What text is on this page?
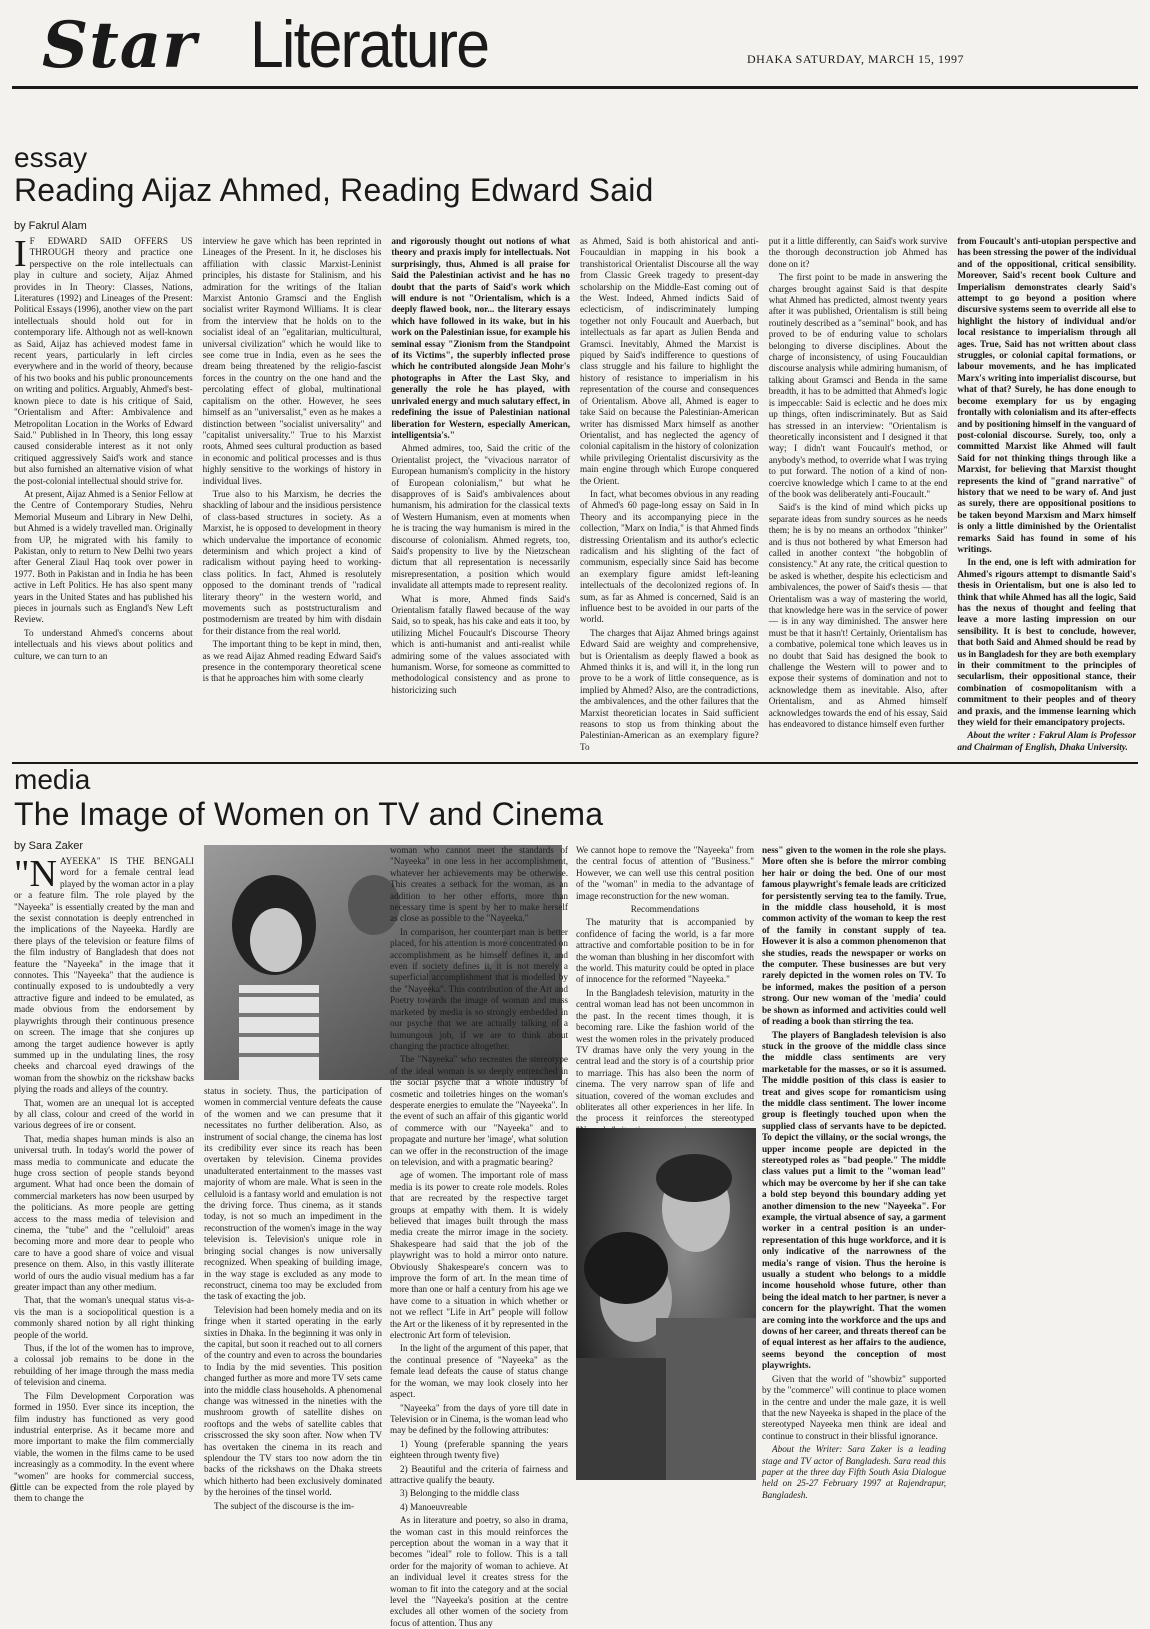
Star Literature	DHAKA SATURDAY, MARCH 15, 1997
essay
Reading Aijaz Ahmed, Reading Edward Said
by Fakrul Alam

I F EDWARD SAID OFFERS US THROUGH theory and practice one perspective on the role intellectuals can play in culture and society, Aijaz Ahmed provides in In Theory: Classes, Nations, Literatures (1992) and Lineages of the Present: Political Essays (1996), another view on the part intellectuals should hold out for in contemporary life. Although not as well-known as Said, Aijaz has achieved modest fame in recent years, particularly in left circles everywhere and in the world of theory, because of his two books and his public pronouncements on writing and politics. Arguably, Ahmed's best-known piece to date is his critique of Said, "Orientalism and After: Ambivalence and Metropolitan Location in the Works of Edward Said." Published in In Theory, this long essay caused considerable interest as it not only critiqued aggressively Said's work and stance but also furnished an alternative vision of what the post-colonial intellectual should strive for.

At present, Aijaz Ahmed is a Senior Fellow at the Centre of Contemporary Studies, Nehru Memorial Museum and Library in New Delhi, but Ahmed is a widely travelled man. Originally from UP, he migrated with his family to Pakistan, only to return to New Delhi two years after General Ziaul Haq took over power in 1977. Both in Pakistan and in India he has been active in Left Politics. He has also spent many years in the United States and has published his pieces in journals such as England's New Left Review.

To understand Ahmed's concerns about intellectuals and his views about politics and culture, we can turn to an

interview he gave which has been reprinted in Lineages of the Present. In it, he discloses his affiliation with classic Marxist-Leninist principles, his distaste for Stalinism, and his admiration for the writings of the Italian Marxist Antonio Gramsci and the English socialist writer Raymond Williams. It is clear from the interview that he holds on to the socialist ideal of an "egalitarian, multicultural, universal civilization" which he would like to see come true in India, even as he sees the dream being threatened by the religio-fascist forces in the country on the one hand and the percolating effect of global, multinational capitalism on the other. However, he sees himself as an "universalist," even as he makes a distinction between "socialist universality" and "capitalist universality." True to his Marxist roots, Ahmed sees cultural production as based in economic and political processes and is thus highly sensitive to the workings of history in individual lives.

True also to his Marxism, he decries the shackling of labour and the insidious persistence of class-based structures in society. As a Marxist, he is opposed to development in theory which undervalue the importance of economic determinism and which project a kind of radicalism without paying heed to working-class politics. In fact, Ahmed is resolutely opposed to the dominant trends of "radical literary theory" in the western world, and movements such as poststructuralism and postmodernism are treated by him with disdain for their distance from the real world.

The important thing to be kept in mind, then, as we read Aijaz Ahmed reading Edward Said's presence in the contemporary theoretical scene is that he approaches him with some clearly

and rigorously thought out notions of what theory and praxis imply for intellectuals. Not surprisingly, thus, Ahmed is all praise for Said the Palestinian activist and he has no doubt that the parts of Said's work which will endure is not "Orientalism, which is a deeply flawed book, nor... the literary essays which have followed in its wake, but in his work on the Palestinian issue, for example his seminal essay "Zionism from the Standpoint of its Victims", the superbly inflected prose which he contributed alongside Jean Mohr's photographs in After the Last Sky, and generally the role he has played, with unrivaled energy and much salutary effect, in redefining the issue of Palestinian national liberation for Western, especially American, intelligentsia's."

Ahmed admires, too, Said the critic of the Orientalist project, the "vivacious narrator of European humanism's complicity in the history of European colonialism," but what he disapproves of is Said's ambivalences about humanism, his admiration for the classical texts of Western Humanism, even at moments when he is tracing the way humanism is mired in the discourse of colonialism. Ahmed regrets, too, Said's propensity to live by the Nietzschean dictum that all representation is necessarily misrepresentation, a position which would invalidate all attempts made to represent reality.

What is more, Ahmed finds Said's Orientalism fatally flawed because of the way Said, so to speak, has his cake and eats it too, by utilizing Michel Foucault's Discourse Theory which is anti-humanist and anti-realist while admiring some of the values associated with humanism. Worse, for someone as committed to methodological consistency and as prone to historicizing such

as Ahmed, Said is both ahistorical and anti-Foucauldian in mapping in his book a transhistorical Orientalist Discourse all the way from Classic Greek tragedy to present-day scholarship on the Middle-East coming out of the West. Indeed, Ahmed indicts Said of eclecticism, of indiscriminately lumping together not only Foucault and Auerbach, but intellectuals as far apart as Julien Benda and Gramsci. Inevitably, Ahmed the Marxist is piqued by Said's indifference to questions of class struggle and his failure to highlight the history of resistance to imperialism in his representation of the course and consequences of Orientalism. Above all, Ahmed is eager to take Said on because the Palestinian-American writer has dismissed Marx himself as another Orientalist, and has neglected the agency of colonial capitalism in the history of colonization while privileging Orientalist discursivity as the main engine through which Europe conquered the Orient.

In fact, what becomes obvious in any reading of Ahmed's 60 page-long essay on Said in In Theory and its accompanying piece in the collection, "Marx on India," is that Ahmed finds distressing Orientalism and its author's eclectic radicalism and his slighting of the fact of communism, especially since Said has become an exemplary figure amidst left-leaning intellectuals of the decolonized regions of. In sum, as far as Ahmed is concerned, Said is an influence best to be avoided in our parts of the world.

The charges that Aijaz Ahmed brings against Edward Said are weighty and comprehensive, but is Orientalism as deeply flawed a book as Ahmed thinks it is, and will it, in the long run prove to be a work of little consequence, as is implied by Ahmed? Also, are the contradictions, the ambivalences, and the other failures that the Marxist theoretician locates in Said sufficient reasons to stop us from thinking about the Palestinian-American as an exemplary figure? To

put it a little differently, can Said's work survive the thorough deconstruction job Ahmed has done on it?

The first point to be made in answering the charges brought against Said is that despite what Ahmed has predicted, almost twenty years after it was published, Orientalism is still being routinely described as a "seminal" book, and has proved to be of enduring value to scholars belonging to diverse disciplines. About the charge of inconsistency, of using Foucauldian discourse analysis while admiring humanism, of talking about Gramsci and Benda in the same breadth, it has to be admitted that Ahmed's logic is impeccable: Said is eclectic and he does mix up things, often indiscriminately. But as Said has stressed in an interview: "Orientalism is theoretically inconsistent and I designed it that way; I didn't want Foucault's method, or anybody's method, to override what I was trying to put forward. The notion of a kind of non-coercive knowledge which I came to at the end of the book was deliberately anti-Foucault."

Said's is the kind of mind which picks up separate ideas from sundry sources as he needs them; he is by no means an orthodox "thinker" and is thus not bothered by what Emerson had called in another context "the hobgoblin of consistency." At any rate, the critical question to be asked is whether, despite his eclecticism and ambivalences, the power of Said's thesis — that Orientalism was a way of mastering the world, that knowledge here was in the service of power — is in any way diminished. The answer here must be that it hasn't! Certainly, Orientalism has a combative, polemical tone which leaves us in no doubt that Said has designed the book to challenge the Western will to power and to expose their systems of domination and not to acknowledge them as inevitable. Also, after Orientalism, and as Ahmed himself acknowledges towards the end of his essay, Said has endeavored to distance himself even further

from Foucault's anti-utopian perspective and has been stressing the power of the individual and of the oppositional, critical sensibility. Moreover, Said's recent book Culture and Imperialism demonstrates clearly Said's attempt to go beyond a position where discursive systems seem to override all else to highlight the history of individual and/or local resistance to imperialism through all ages. True, Said has not written about class struggles, or colonial capital formations, or labour movements, and he has implicated Marx's writing into imperialist discourse, but what of that? Surely, he has done enough to become exemplary for us by engaging frontally with colonialism and its after-effects and by positioning himself in the vanguard of post-colonial discourse. Surely, too, only a committed Marxist like Ahmed will fault Said for not thinking things through like a Marxist, for believing that Marxist thought represents the kind of "grand narrative" of history that we need to be wary of. And just as surely, there are oppositional positions to be taken beyond Marxism and Marx himself is only a little diminished by the Orientalist remarks Said has found in some of his writings.

In the end, one is left with admiration for Ahmed's rigours attempt to dismantle Said's thesis in Orientalism, but one is also led to think that while Ahmed has all the logic, Said has the nexus of thought and feeling that leave a more lasting impression on our sensibility. It is best to conclude, however, that both Said and Ahmed should be read by us in Bangladesh for they are both exemplary in their commitment to the principles of secularlism, their oppositional stance, their combination of cosmopolitanism with a commitment to their peoples and of theory and praxis, and the immense learning which they wield for their emancipatory projects.

About the writer : Fakrul Alam is Professor and Chairman of English, Dhaka University.

media
The Image of Women on TV and Cinema
by Sara Zaker

"NAYEEKA" IS THE BENGALI word for a female central lead played by the woman actor in a play or a feature film. The role played by the "Nayeeka" is essentially created by the man and the sexist connotation is deeply entrenched in the implications of the Nayeeka. Hardly are there plays of the television or feature films of the film industry of Bangladesh that does not feature the "Nayeeka" in the image that it connotes. This "Nayeeka" that the audience is continually exposed to is undoubtedly a very attractive figure and indeed to be emulated, as made obvious from the endorsement by playwrights through their continuous presence on screen. The image that she conjures up among the target audience however is aptly summed up in the undulating lines, the rosy cheeks and charcoal eyed drawings of the woman from the showbiz on the rickshaw backs plying the roads and alleys of the country.

That, women are an unequal lot is accepted by all class, colour and creed of the world in various degrees of ire or consent.

That, media shapes human minds is also an universal truth. In today's world the power of mass media to communicate and educate the huge cross section of people stands beyond argument. What had once been the domain of commercial marketers has now been usurped by the politicians. As more people are getting access to the mass media of television and cinema, the "tube" and the "celluloid" areas becoming more and more dear to people who care to have a good share of voice and visual presence on them. Also, in this vastly illiterate world of ours the audio visual medium has a far greater impact than any other medium.

That, that the woman's unequal status vis-a-vis the man is a sociopolitical question is a commonly shared notion by all right thinking people of the world.

Thus, if the lot of the women has to improve, a colossal job remains to be done in the rebuilding of her image through the mass media of television and cinema.

The Film Development Corporation was formed in 1950. Ever since its inception, the film industry has functioned as very good industrial enterprise. As it became more and more important to make the film commercially viable, the women in the films came to be used increasingly as a commodity. In the event where "women" are hooks for commercial success, little can be expected from the role played by them to change the

status in society. Thus, the participation of women in commercial venture defeats the cause of the women and we can presume that it necessitates no further deliberation. Also, as instrument of social change, the cinema has lost its credibility ever since its reach has been overtaken by television. Cinema provides unadulterated entertainment to the masses vast majority of whom are male. What is seen in the celluloid is a fantasy world and emulation is not the driving force. Thus cinema, as it stands today, is not so much an impediment in the reconstruction of the women's image in the way television is. Television's unique role in bringing social changes is now universally recognized. When speaking of building image, in the way stage is excluded as any mode to reconstruct, cinema too may be excluded from the task of exacting the job.

Television had been homely media and on its fringe when it started operating in the early sixties in Dhaka. In the beginning it was only in the capital, but soon it reached out to all corners of the country and even to across the boundaries to India by the mid seventies. This position changed further as more and more TV sets came into the middle class households. A phenomenal change was witnessed in the nineties with the mushroom growth of satellite dishes on rooftops and the webs of satellite cables that crisscrossed the sky soon after. Now when TV has overtaken the cinema in its reach and splendour the TV stars too now adorn the tin backs of the rickshaws on the Dhaka streets which hitherto had been exclusively dominated by the heroines of the tinsel world.

The subject of the discourse is the im-

woman who cannot meet the standards of "Nayeeka" in one less in her accomplishment, whatever her achievements may be otherwise. This creates a setback for the woman, as an addition to her other efforts, more than necessary time is spent by her to make herself as close as possible to the "Nayeeka."

In comparison, her counterpart man is better placed, for his attention is more concentrated on accomplishment as he himself defines it, and even if society defines it, it is not merely a superficial accomplishment that is modelled by the "Nayeeka". This contribution of the Art and Poetry towards the image of woman and mass marketed by media is so strongly embedded in our psyche that we are actually talking of a humungous job, if we are to think about changing the practice altogether.

The "Nayeeka" who recreates the stereotype of the ideal woman is so deeply entrenched in the social psyche that a whole industry of cosmetic and toiletries hinges on the woman's desperate energies to emulate the "Nayeeka". In the event of such an affair of this gigantic world of commerce with our "Nayeeka" and to propagate and nurture her 'image', what solution can we offer in the reconstruction of the image on television, and with a pragmatic bearing?

age of women. The important role of mass media is its power to create role models. Roles that are recreated by the respective target groups at empathy with them. It is widely believed that images built through the mass media create the mirror image in the society. Shakespeare had said that the job of the playwright was to hold a mirror onto nature. Obviously Shakespeare's concern was to improve the form of art. In the mean time of more than one or half a century from his age we have come to a situation in which whether or not we reflect "Life in Art" people will follow the Art or the likeness of it by represented in the electronic Art form of television.

In the light of the argument of this paper, that the continual presence of "Nayeeka" as the female lead defeats the cause of status change for the woman, we may look closely into her aspect.

"Nayeeka" from the days of yore till date in Television or in Cinema, is the woman lead who may be defined by the following attributes:

1) Young (preferable spanning the years eighteen through twenty five)

2) Beautiful and the criteria of fairness and attractive qualify the beauty.

3) Belonging to the middle class

4) Manoeuvreable

As in literature and poetry, so also in drama, the woman cast in this mould reinforces the perception about the woman in a way that it becomes "ideal" role to follow. This is a tall order for the majority of woman to achieve. At an individual level it creates stress for the woman to fit into the category and at the social level the "Nayeeka's position at the centre excludes all other women of the society from focus of attention. Thus any

We cannot hope to remove the "Nayeeka" from the central focus of attention of "Business." However, we can well use this central position of the "woman" in media to the advantage of image reconstruction for the new woman.

Recommendations

The maturity that is accompanied by confidence of facing the world, is a far more attractive and comfortable position to be in for the woman than blushing in her discomfort with the world. This maturity could be opted in place of innocence for the reformed "Nayeeka."

In the Bangladesh television, maturity in the central woman lead has not been uncommon in the past. In the recent times though, it is becoming rare. Like the fashion world of the west the women roles in the privately produced TV dramas have only the very young in the central lead and the story is of a courtship prior to marriage. This has also been the norm of cinema. The very narrow span of life and situation, covered of the woman excludes and obliterates all other experiences in her life. In the process it reinforces the stereotyped

ness" given to the women in the role she plays. More often she is before the mirror combing her hair or doing the bed. One of our most famous playwright's female leads are criticized for persistently serving tea to the family. True, in the middle class household, it is most common activity of the woman to keep the rest of the family in constant supply of tea. However it is also a common phenomenon that she studies, reads the newspaper or works on the computer. These businesses are but very rarely depicted in the women roles on TV. To be informed, makes the position of a person strong. Our new woman of the 'media' could be shown as informed and activities could well of reading a book than stirring the tea.

The players of Bangladesh television is also stuck in the groove of the middle class since the middle class sentiments are very marketable for the masses, or so it is assumed. The middle position of this class is easier to treat and gives scope for romanticism using the middle class sentiment. The lower income group is fleetingly touched upon when the supplied class of servants have to be depicted. To depict the villainy, or the social wrongs, the upper income people are depicted in the stereotyped roles as "bad people." The middle class values put a limit to the "woman lead" which may be overcome by her if she can take a bold step beyond this boundary adding yet another dimension to the new "Nayeeka". For example, the virtual absence of say, a garment worker in a central position is an under-representation of this huge workforce, and it is only indicative of the narrowness of the media's range of vision. Thus the heroine is usually a student who belongs to a middle income household whose future, other than being the ideal match to her partner, is never a concern for the playwright. That the women are coming into the workforce and the ups and downs of her career, and threats thereof can be of equal interest as her affairs to the audience, seems beyond the conception of most playwrights.

Given that the world of "showbiz" supported by the "commerce" will continue to place women in the centre and under the male gaze, it is well that the new Nayeeka is shaped in the place of the stereotyped Nayeeka men think are ideal and continue to construct in their blissful ignorance.

About the Writer: Sara Zaker is a leading stage and TV actor of Bangladesh. Sara read this paper at the three day Fifth South Asia Dialogue held on 25-27 February 1997 at Rajendrapur, Bangladesh.

6
